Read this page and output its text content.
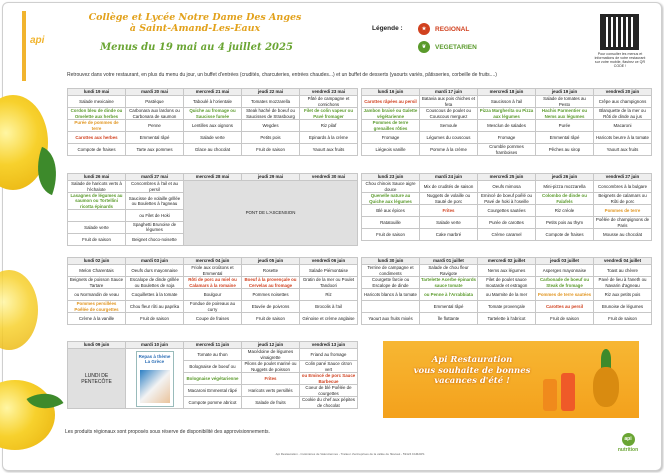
api
Collège et Lycée Notre Dame Des Anges
à Saint-Amand-Les-Eaux
Menus du 19 mai au 4 juillet 2025
Légende :	★	REGIONAL
❦	VEGETARIEN
Pour consulter les menus et informations de votre restaurant sur votre mobile, flashez ce QR CODE !
Retrouvez dans votre restaurant, en plus du menu du jour, un buffet d'entrées (crudités, charcuteries, entrées chaudes...) et un buffet de desserts (yaourts variés, pâtisseries, corbeille de fruits....)
lundi 19 mai	mardi 20 mai	mercredi 21 mai	jeudi 22 mai	vendredi 23 mai
Salade mexicaine	Pastèque	Taboulé à l'orientale	Tomates mozzarella	Pâté de campagne et cornichons
Cordon bleu de dinde ou Omelette aux herbes	Carbonara aux lardons ou Carbonara de saumon	Quiche au fromage ou Saucisse fumée	Steak haché de boeuf ou Saucisses de Strasbourg	Filet de colin vapeur ou Pavé fromager
Purée de pommes de terre	Penne	Lentilles aux oignons	Wegdes	Riz pilaf
Carottes aux herbes	Emmental râpé	Salade verte	Petits pois	Epinards à la crème
Compote de fraises	Tarte aux pommes	Glace au chocolat	Fruit de saison	Yaourt aux fruits
lundi 16 juin	mardi 17 juin	mercredi 18 juin	jeudi 19 juin	vendredi 20 juin
Carottes râpées au persil	Batavia aux pois chiches et feta	Saucisson à l'ail	Salade de tomates au Pesto	Crêpe aux champignons
Jambon braisé ou Galette végétarienne	Couscous de poulet ou Couscous merguez	Pizza Margherita ou Pizza aux légumes	Hachis Parmentier ou Nems aux légumes	Blanquette de la mer ou Rôti de dinde au jus
Pommes de terre grenailles rôties	Semoule	Mesclun de salades	Purée	Macaroni
Fromage	Légumes du couscous	Fromage	Emmental râpé	Haricots beurre à la tomate
Liégeois vanille	Pomme à la crème	Crumble pommes framboises	Pêches au sirop	Yaourt aux fruits
lundi 26 mai	mardi 27 mai	mercredi 28 mai	jeudi 29 mai	vendredi 30 mai
Salade de haricots verts à l'échalote	Concombres à l'ail et au persil	PONT DE L'ASCENSION		
Lasagnes de légumes au saumon ou Tortellini ricotta épinards	Saucisse de volaille grillée ou Boulettes à l'agneau			
	ou Filet de Hoki			
Salade verte	Spaghetti Brunoise de légumes			
Fruit de saison	Beignet choco-noisette			
lundi 23 juin	mardi 24 juin	mercredi 25 juin	jeudi 26 juin	vendredi 27 juin
Chou chinois Sauce aigre douce	Mix de crudités de saison	Oeufs mimosa	Mini-pizza mozzarella	Concombres à la bulgare
Quenelle nature au Quiche aux légumes	Nuggets de volaille ou Sauté de porc	Emincé de boeuf poêlé ou Pavé de hoki à l'oseille	Colombo de dinde ou Falafels	Beignets de calamars ou Rôti de porc
Blé aux épices	Frites	Courgettes sautées	Riz créole	Pommes de terre
Ratatouille	Salade verte	Purée de carottes	Petits pois au thym	Poêlée de champignons de Paris
Fruit de saison	Cake marbré	Crème caramel	Compote de fraises	Mousse au chocolat
lundi 02 juin	mardi 03 juin	mercredi 04 juin	jeudi 05 juin	vendredi 06 juin
Melon Charentais	Oeufs durs mayonnaise	Friole aux croûtons et Emmental	Rosette	Salade Piémontaise
Beignets de poisson Sauce Tartare	Escalope de dinde grillée ou Boulettes de soja	Rôti de porc au miel ou Calamars à la romaine	Boeuf à la provençale ou Cervelas au fromage	Gratin de la mer ou Poulet Tandoori
ou Normandin de veau	Coquillettes à la tomate	Boulgour	Pommes noisettes	Riz
Pommes persillées Poêlée de courgettes	Chou fleur rôti au paprika	Fondue de poireaux au curry	Etuvée de poivrons	Brocolis à l'ail
Crème à la vanille	Fruit de saison	Coupe de fraises	Fruit de saison	Génoise et crème anglaise
lundi 30 juin	mardi 01 juillet	mercredi 02 juillet	jeudi 03 juillet	vendredi 04 juillet
Terrine de campagne et condiments	Salade de chou fleur Ravigote	Nems aux légumes	Asperges mayonnaise	Toast au chèvre
Courgette farcie ou Escalope de dinde	Tartelette Acerbe épinards sauce tomate	Filet de poulet sauce moutarde et estragon	Carbonade de boeuf ou Steak de fromage	Pavé de lieu à l'aneth ou Navarin d'agneau
Haricots blancs à la tomate	ou Penne à l'Arrabbiata	ou Marmite de la mer	Pommes de terre sautées	Riz aux petits pois
	Emmental râpé	Tomate provençale	Carottes au persil	Brunoise de légumes
Yaourt aux fruits mixés	Île flottante	Tartelette à l'abricot	Fruit de saison	Fruit de saison
lundi 09 juin	mardi 10 juin	mercredi 11 juin	jeudi 12 juin	vendredi 13 juin
LUNDI DE PENTECÔTE	Repas à thème La Grèce	Tomate au thon	Macédoine de légumes vinaigrette	Friand au fromage
		Bolognaise de boeuf ou	Pilons de poulet mariné ou Nuggets de poisson	Colin pané Sauce citron vert
		Bolognaise végétarienne	Frites	ou Emincé de porc Sauce Barbecue
		Macaroni Emmental râpé	Haricots verts persillés	Coeur de blé Poêlée de courgettes
		Compote pomme abricot	Salade de fruits	Cookie du chef aux pépites de chocolat
Api Restauration
vous souhaite de bonnes
vacances d'été !
Les produits régionaux sont proposés sous réserve de disponibilité des approvisionnements.
Api Restauration - Cuisinières de Valenciennes - Traiteur d'entreprises de la vallée de l'Escaut - 59124 FAMARS
api
nutrition
